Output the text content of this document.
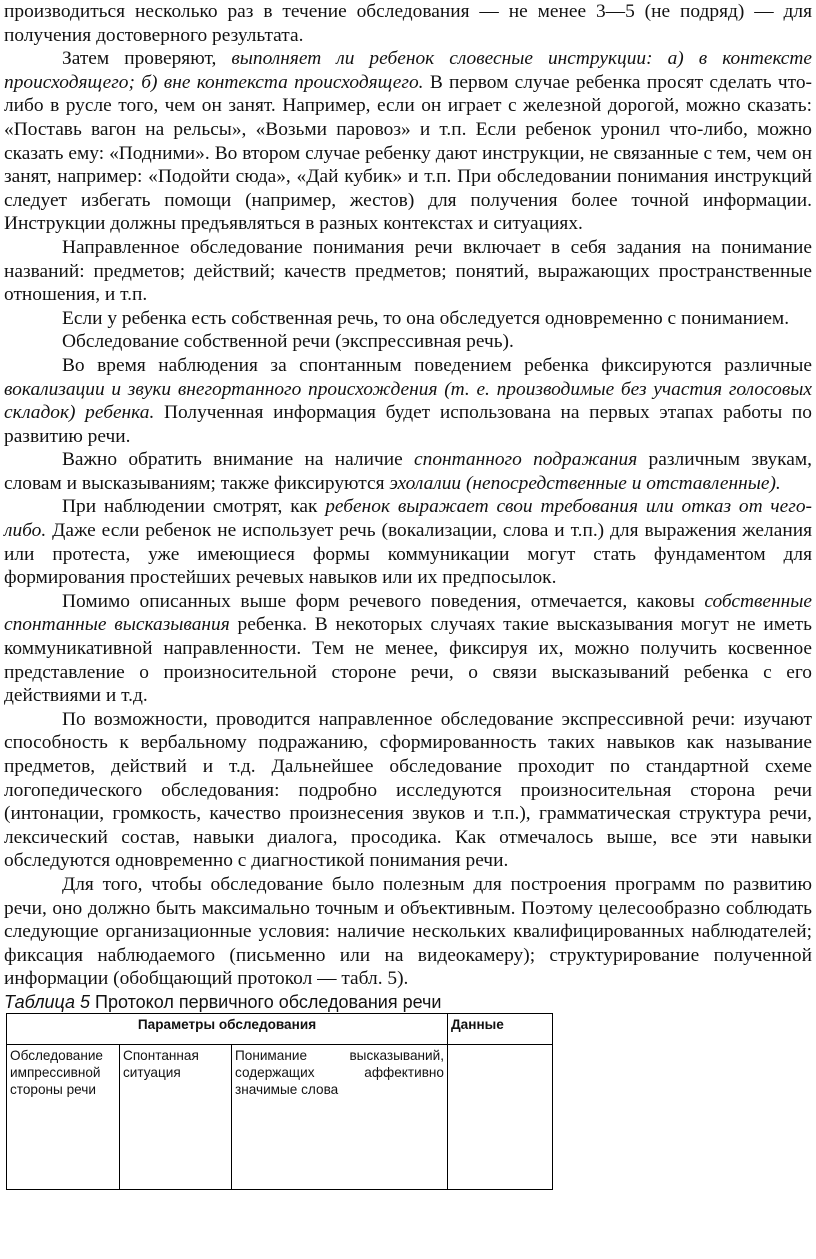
производиться несколько раз в течение обследования — не менее 3—5 (не подряд) — для получения достоверного результата.

Затем проверяют, выполняет ли ребенок словесные инструкции: а) в контексте происходящего; б) вне контекста происходящего. В первом случае ребенка просят сделать что-либо в русле того, чем он занят. Например, если он играет с железной дорогой, можно сказать: «Поставь вагон на рельсы», «Возьми паровоз» и т.п. Если ребенок уронил что-либо, можно сказать ему: «Подними». Во втором случае ребенку дают инструкции, не связанные с тем, чем он занят, например: «Подойти сюда», «Дай кубик» и т.п. При обследовании понимания инструкций следует избегать помощи (например, жестов) для получения более точной информации. Инструкции должны предъявляться в разных контекстах и ситуациях.

Направленное обследование понимания речи включает в себя задания на понимание названий: предметов; действий; качеств предметов; понятий, выражающих пространственные отношения, и т.п.

Если у ребенка есть собственная речь, то она обследуется одновременно с пониманием.

Обследование собственной речи (экспрессивная речь).

Во время наблюдения за спонтанным поведением ребенка фиксируются различные вокализации и звуки внегортанного происхождения (т. е. производимые без участия голосовых складок) ребенка. Полученная информация будет использована на первых этапах работы по развитию речи.

Важно обратить внимание на наличие спонтанного подражания различным звукам, словам и высказываниям; также фиксируются эхолалии (непосредственные и отставленные).

При наблюдении смотрят, как ребенок выражает свои требования или отказ от чего-либо. Даже если ребенок не использует речь (вокализации, слова и т.п.) для выражения желания или протеста, уже имеющиеся формы коммуникации могут стать фундаментом для формирования простейших речевых навыков или их предпосылок.

Помимо описанных выше форм речевого поведения, отмечается, каковы собственные спонтанные высказывания ребенка. В некоторых случаях такие высказывания могут не иметь коммуникативной направленности. Тем не менее, фиксируя их, можно получить косвенное представление о произносительной стороне речи, о связи высказываний ребенка с его действиями и т.д.

По возможности, проводится направленное обследование экспрессивной речи: изучают способность к вербальному подражанию, сформированность таких навыков как называние предметов, действий и т.д. Дальнейшее обследование проходит по стандартной схеме логопедического обследования: подробно исследуются произносительная сторона речи (интонации, громкость, качество произнесения звуков и т.п.), грамматическая структура речи, лексический состав, навыки диалога, просодика. Как отмечалось выше, все эти навыки обследуются одновременно с диагностикой понимания речи.

Для того, чтобы обследование было полезным для построения программ по развитию речи, оно должно быть максимально точным и объективным. Поэтому целесообразно соблюдать следующие организационные условия: наличие нескольких квалифицированных наблюдателей; фиксация наблюдаемого (письменно или на видеокамеру); структурирование полученной информации (обобщающий протокол — табл. 5).

Таблица 5 Протокол первичного обследования речи

Параметры обследования			Данные
Обследование импрессивной стороны речи	Спонтанная ситуация	Понимание высказываний, содержащих аффективно значимые слова	
